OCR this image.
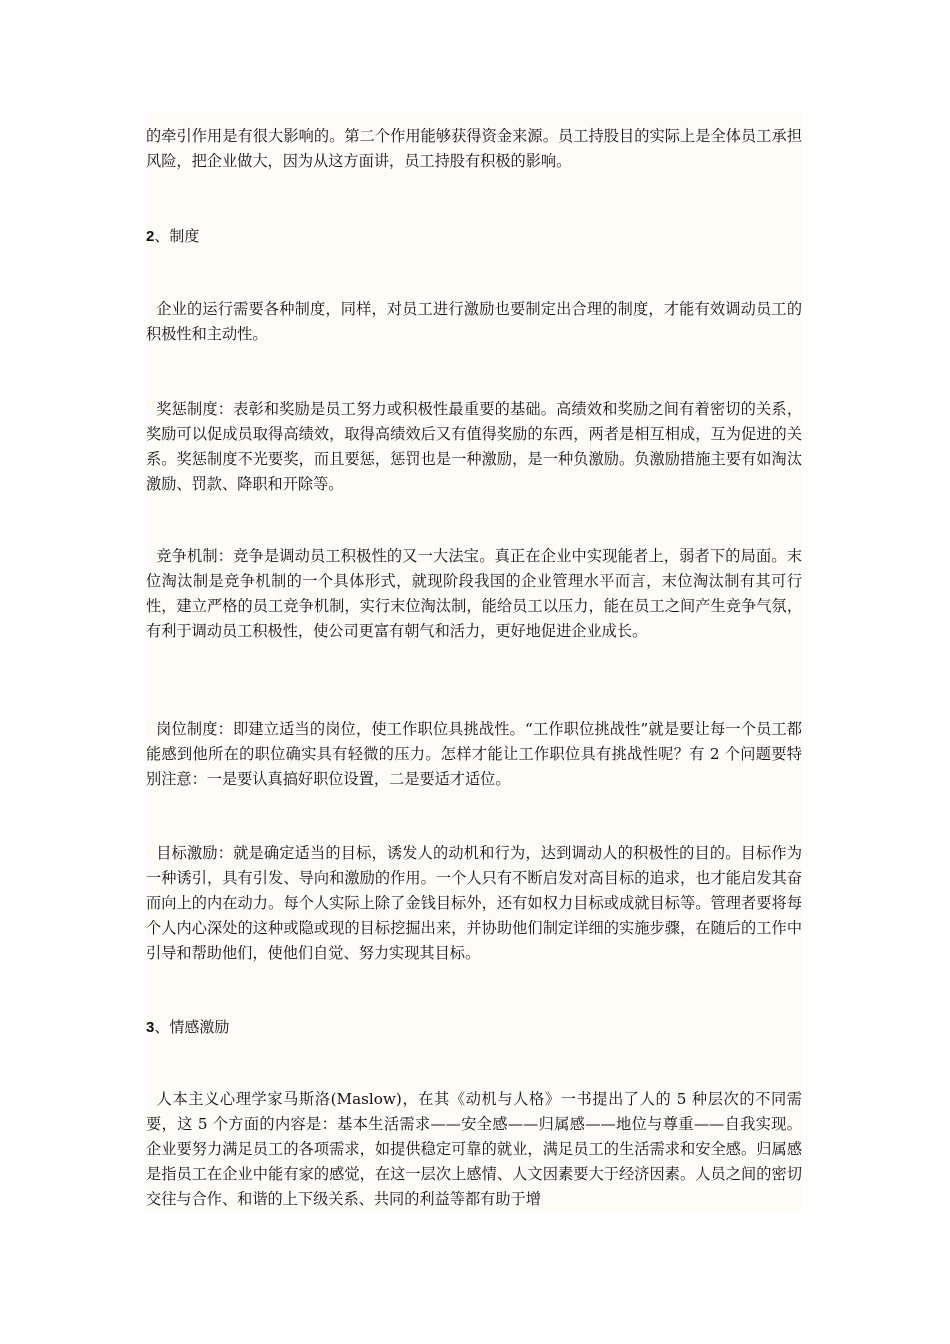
的牵引作用是有很大影响的。第二个作用能够获得资金来源。员工持股目的实际上是全体员工承担风险，把企业做大，因为从这方面讲，员工持股有积极的影响。

2、制度

企业的运行需要各种制度，同样，对员工进行激励也要制定出合理的制度，才能有效调动员工的积极性和主动性。

奖惩制度：表彰和奖励是员工努力或积极性最重要的基础。高绩效和奖励之间有着密切的关系，奖励可以促成员取得高绩效，取得高绩效后又有值得奖励的东西，两者是相互相成，互为促进的关系。奖惩制度不光要奖，而且要惩，惩罚也是一种激励，是一种负激励。负激励措施主要有如淘汰激励、罚款、降职和开除等。

竞争机制：竞争是调动员工积极性的又一大法宝。真正在企业中实现能者上，弱者下的局面。末位淘汰制是竞争机制的一个具体形式，就现阶段我国的企业管理水平而言，末位淘汰制有其可行性，建立严格的员工竞争机制，实行末位淘汰制，能给员工以压力，能在员工之间产生竞争气氛，有利于调动员工积极性，使公司更富有朝气和活力，更好地促进企业成长。

岗位制度：即建立适当的岗位，使工作职位具挑战性。“工作职位挑战性”就是要让每一个员工都能感到他所在的职位确实具有轻微的压力。怎样才能让工作职位具有挑战性呢？有 2 个问题要特别注意：一是要认真搞好职位设置，二是要适才适位。

目标激励：就是确定适当的目标，诱发人的动机和行为，达到调动人的积极性的目的。目标作为一种诱引，具有引发、导向和激励的作用。一个人只有不断启发对高目标的追求，也才能启发其奋而向上的内在动力。每个人实际上除了金钱目标外，还有如权力目标或成就目标等。管理者要将每个人内心深处的这种或隐或现的目标挖掘出来，并协助他们制定详细的实施步骤，在随后的工作中引导和帮助他们，使他们自觉、努力实现其目标。

3、情感激励

人本主义心理学家马斯洛(Maslow)，在其《动机与人格》一书提出了人的 5 种层次的不同需要，这 5 个方面的内容是：基本生活需求——安全感——归属感——地位与尊重——自我实现。企业要努力满足员工的各项需求，如提供稳定可靠的就业，满足员工的生活需求和安全感。归属感是指员工在企业中能有家的感觉，在这一层次上感情、人文因素要大于经济因素。人员之间的密切交往与合作、和谐的上下级关系、共同的利益等都有助于增
